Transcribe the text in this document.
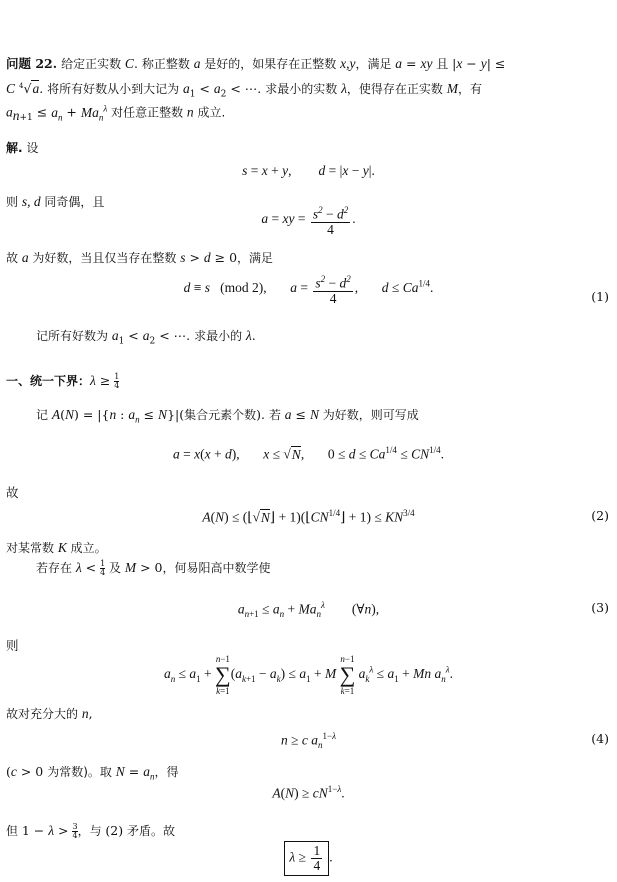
问题 22. 给定正实数 C. 称正整数 a 是好的，如果存在正整数 x,y，满足 a = xy 且 |x − y| ≤
C $^4$√a. 将所有好数从小到大记为 $a_1 < a_2$ < ⋯. 求最小的实数 λ，使得存在正实数 M，有
$a_{n+1} \le a_n + Ma_n^\lambda$ 对任意正整数 n 成立.
解. 设
s = x + y,        d = |x − y|.
则 s, d 同奇偶，且
a = xy = $\frac{s^2 - d^2}{4}$ .
故 a 为好数，当且仅当存在整数 s > d ≥ 0，满足
d ≡ s   (mod 2),       $a = \frac{s^2 - d^2}{4}$ ,       $d \le Ca^{1/4}$.
(1)
记所有好数为 $a_1 < a_2$ < ⋯. 求最小的 λ.
一、统一下界：$\lambda \ge \frac{1}{4}$
记 A(N) = |{n : $a_n \le N\}|$(集合元素个数). 若 a ≤ N 为好数，则可写成
a = x(x + d),       x ≤ √N, $0 \le d \le Ca^{1/4} \le CN^{1/4}$.
故
A(N) ≤ (⌊√N⌋ + $1)(⌊CN^{1/4}⌋ + 1) \le KN^{3/4}$	(2)
对某常数 K 成立。
若存在 $\lambda < \frac{1}{4}$ 及 M > 0，何易阳高中数学使
$a_{n+1} \le a_n + Ma_n^\lambda$ (∀n),	(3)
则
$a_n \le a_1$ +
n−1
∑
k=1
$(a_{k+1} - a_k) \le a_1 + M$
n−1
∑
k=1
$a_k^\lambda \le a_1 + Mn$ $a_n^\lambda$.
故对充分大的 n,
n ≥ c $a_n^{1-\lambda}$	(4)
(c > 0 为常数)。取 $N = a_n$，得
$A(N) \ge cN^{1-\lambda}$.
但 $1 - \lambda > \frac{3}{4}$ ，与 (2) 矛盾。故
$\lambda \ge \frac{1}{4}$ .
